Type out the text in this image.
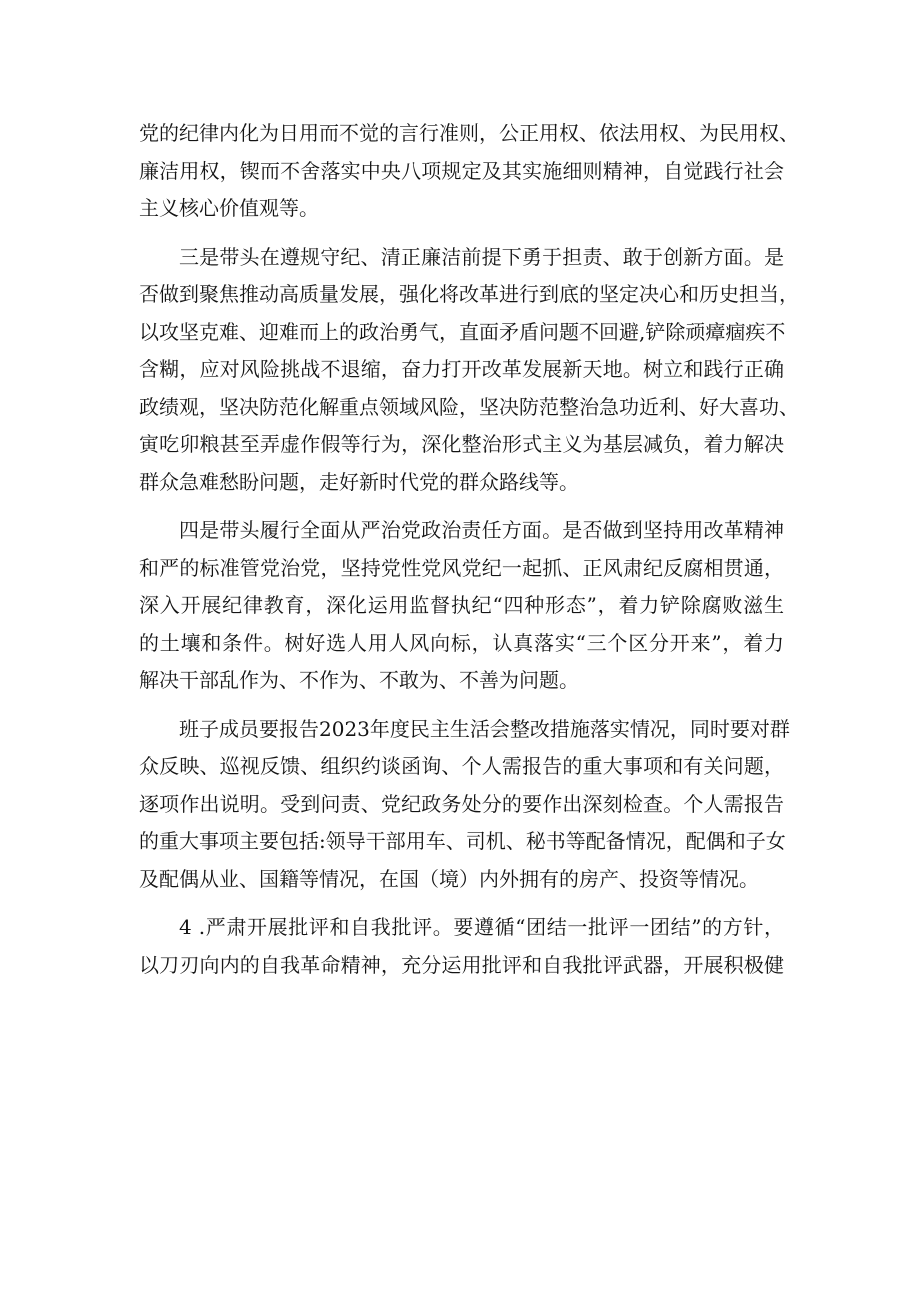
党的纪律内化为日用而不觉的言行准则，公正用权、依法用权、为民用权、
廉洁用权，锲而不舍落实中央八项规定及其实施细则精神，自觉践行社会
主义核心价值观等。
三是带头在遵规守纪、清正廉洁前提下勇于担责、敢于创新方面。是
否做到聚焦推动高质量发展，强化将改革进行到底的坚定决心和历史担当，
以攻坚克难、迎难而上的政治勇气，直面矛盾问题不回避,铲除顽瘴痼疾不
含糊，应对风险挑战不退缩，奋力打开改革发展新天地。树立和践行正确
政绩观，坚决防范化解重点领域风险，坚决防范整治急功近利、好大喜功、
寅吃卯粮甚至弄虚作假等行为，深化整治形式主义为基层减负，着力解决
群众急难愁盼问题，走好新时代党的群众路线等。
四是带头履行全面从严治党政治责任方面。是否做到坚持用改革精神
和严的标准管党治党，坚持党性党风党纪一起抓、正风肃纪反腐相贯通，
深入开展纪律教育，深化运用监督执纪“四种形态”，着力铲除腐败滋生
的土壤和条件。树好选人用人风向标，认真落实“三个区分开来”，着力
解决干部乱作为、不作为、不敢为、不善为问题。
班子成员要报告2023年度民主生活会整改措施落实情况，同时要对群
众反映、巡视反馈、组织约谈函询、个人需报告的重大事项和有关问题，
逐项作出说明。受到问责、党纪政务处分的要作出深刻检查。个人需报告
的重大事项主要包括:领导干部用车、司机、秘书等配备情况，配偶和子女
及配偶从业、国籍等情况，在国（境）内外拥有的房产、投资等情况。
4 .严肃开展批评和自我批评。要遵循“团结一批评一团结”的方针，
以刀刃向内的自我革命精神，充分运用批评和自我批评武器，开展积极健
